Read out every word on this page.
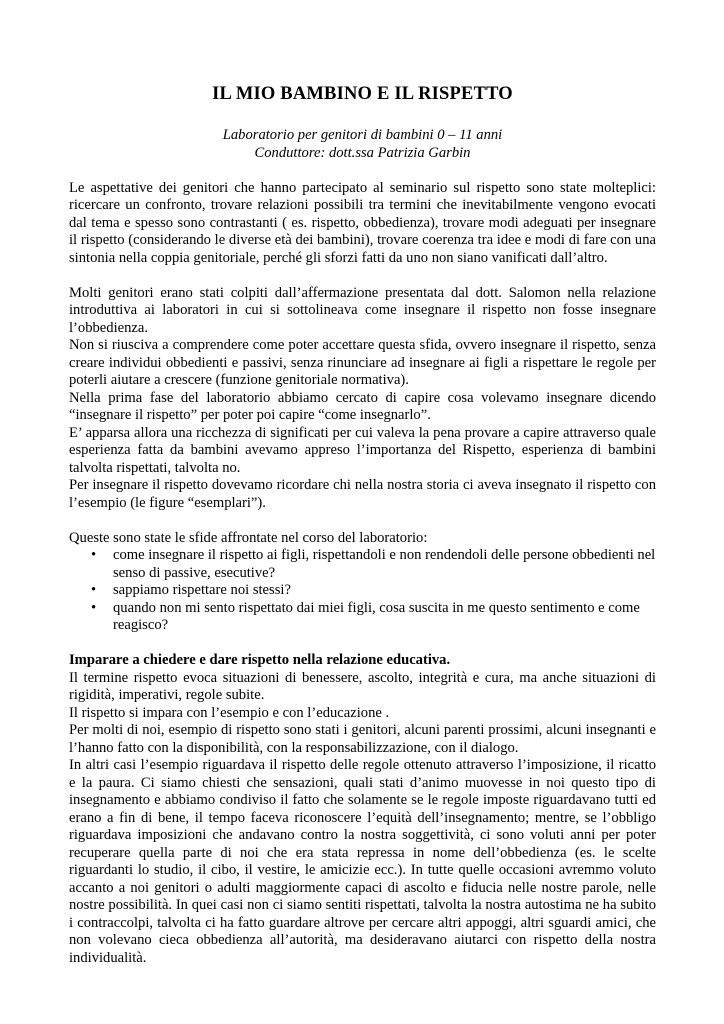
IL MIO BAMBINO E IL RISPETTO
Laboratorio per genitori di bambini 0 – 11 anni
Conduttore: dott.ssa Patrizia Garbin

Le aspettative dei genitori che hanno partecipato al seminario sul rispetto sono state molteplici: ricercare un confronto, trovare relazioni possibili tra termini che inevitabilmente vengono evocati dal tema e spesso sono contrastanti ( es. rispetto, obbedienza), trovare modi adeguati per insegnare il rispetto (considerando le diverse età dei bambini), trovare coerenza tra idee e modi di fare con una sintonia nella coppia genitoriale, perché gli sforzi fatti da uno non siano vanificati dall’altro.

Molti genitori erano stati colpiti dall’affermazione presentata dal dott. Salomon nella relazione introduttiva ai laboratori in cui si sottolineava come insegnare il rispetto non fosse insegnare l’obbedienza.

Non si riusciva a comprendere come poter accettare questa sfida, ovvero insegnare il rispetto, senza creare individui obbedienti e passivi, senza rinunciare ad insegnare ai figli a rispettare le regole per poterli aiutare a crescere (funzione genitoriale normativa).

Nella prima fase del laboratorio abbiamo cercato di capire cosa volevamo insegnare dicendo “insegnare il rispetto” per poter poi capire “come insegnarlo”.

E’ apparsa allora una ricchezza di significati per cui valeva la pena provare a capire attraverso quale esperienza fatta da bambini avevamo appreso l’importanza del Rispetto, esperienza di bambini talvolta rispettati, talvolta no.

Per insegnare il rispetto dovevamo ricordare chi nella nostra storia ci aveva insegnato il rispetto con l’esempio (le figure “esemplari”).

Queste sono state le sfide affrontate nel corso del laboratorio:

• come insegnare il rispetto ai figli, rispettandoli e non rendendoli delle persone obbedienti nel senso di passive, esecutive?
• sappiamo rispettare noi stessi?
• quando non mi sento rispettato dai miei figli, cosa suscita in me questo sentimento e come reagisco?

Imparare a chiedere e dare rispetto nella relazione educativa.

Il termine rispetto evoca situazioni di benessere, ascolto, integrità e cura, ma anche situazioni di rigidità, imperativi, regole subite.

Il rispetto si impara con l’esempio e con l’educazione .

Per molti di noi, esempio di rispetto sono stati i genitori, alcuni parenti prossimi, alcuni insegnanti e l’hanno fatto con la disponibilità, con la responsabilizzazione, con il dialogo.

In altri casi l’esempio riguardava il rispetto delle regole ottenuto attraverso l’imposizione, il ricatto e la paura. Ci siamo chiesti che sensazioni, quali stati d’animo muovesse in noi questo tipo di insegnamento e abbiamo condiviso il fatto che solamente se le regole imposte riguardavano tutti ed erano a fin di bene, il tempo faceva riconoscere l’equità dell’insegnamento; mentre, se l’obbligo riguardava imposizioni che andavano contro la nostra soggettività, ci sono voluti anni per poter recuperare quella parte di noi che era stata repressa in nome dell’obbedienza (es. le scelte riguardanti lo studio, il cibo, il vestire, le amicizie ecc.). In tutte quelle occasioni avremmo voluto accanto a noi genitori o adulti maggiormente capaci di ascolto e fiducia nelle nostre parole, nelle nostre possibilità. In quei casi non ci siamo sentiti rispettati, talvolta la nostra autostima ne ha subito i contraccolpi, talvolta ci ha fatto guardare altrove per cercare altri appoggi, altri sguardi amici, che non volevano cieca obbedienza all’autorità, ma desideravano aiutarci con rispetto della nostra individualità.
